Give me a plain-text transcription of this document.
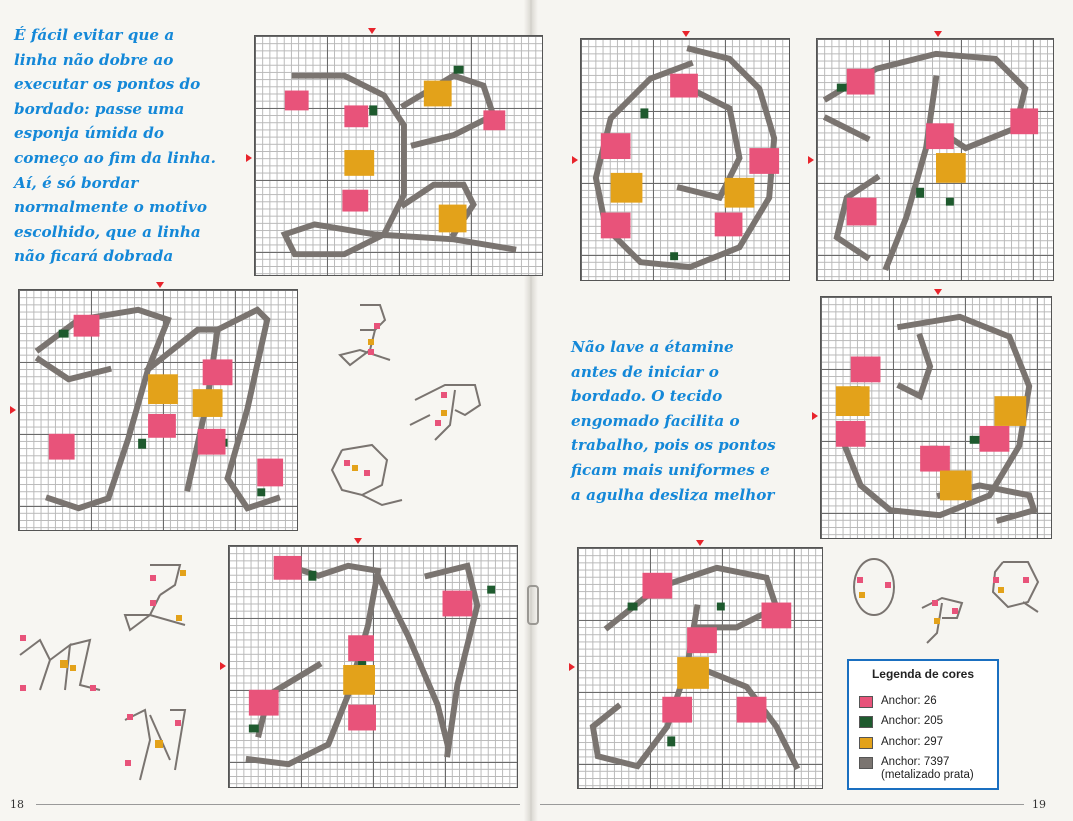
É fácil evitar que a
linha não dobre ao
executar os pontos do
bordado: passe uma
esponja úmida do
começo ao fim da linha.
Aí, é só bordar
normalmente o motivo
escolhido, que a linha
não ficará dobrada
Não lave a étamine
antes de iniciar o
bordado. O tecido
engomado facilita o
trabalho, pois os pontos
ficam mais uniformes e
a agulha desliza melhor
Legenda de cores
Anchor: 26
Anchor: 205
Anchor: 297
Anchor: 7397
(metalizado prata)
18	19
